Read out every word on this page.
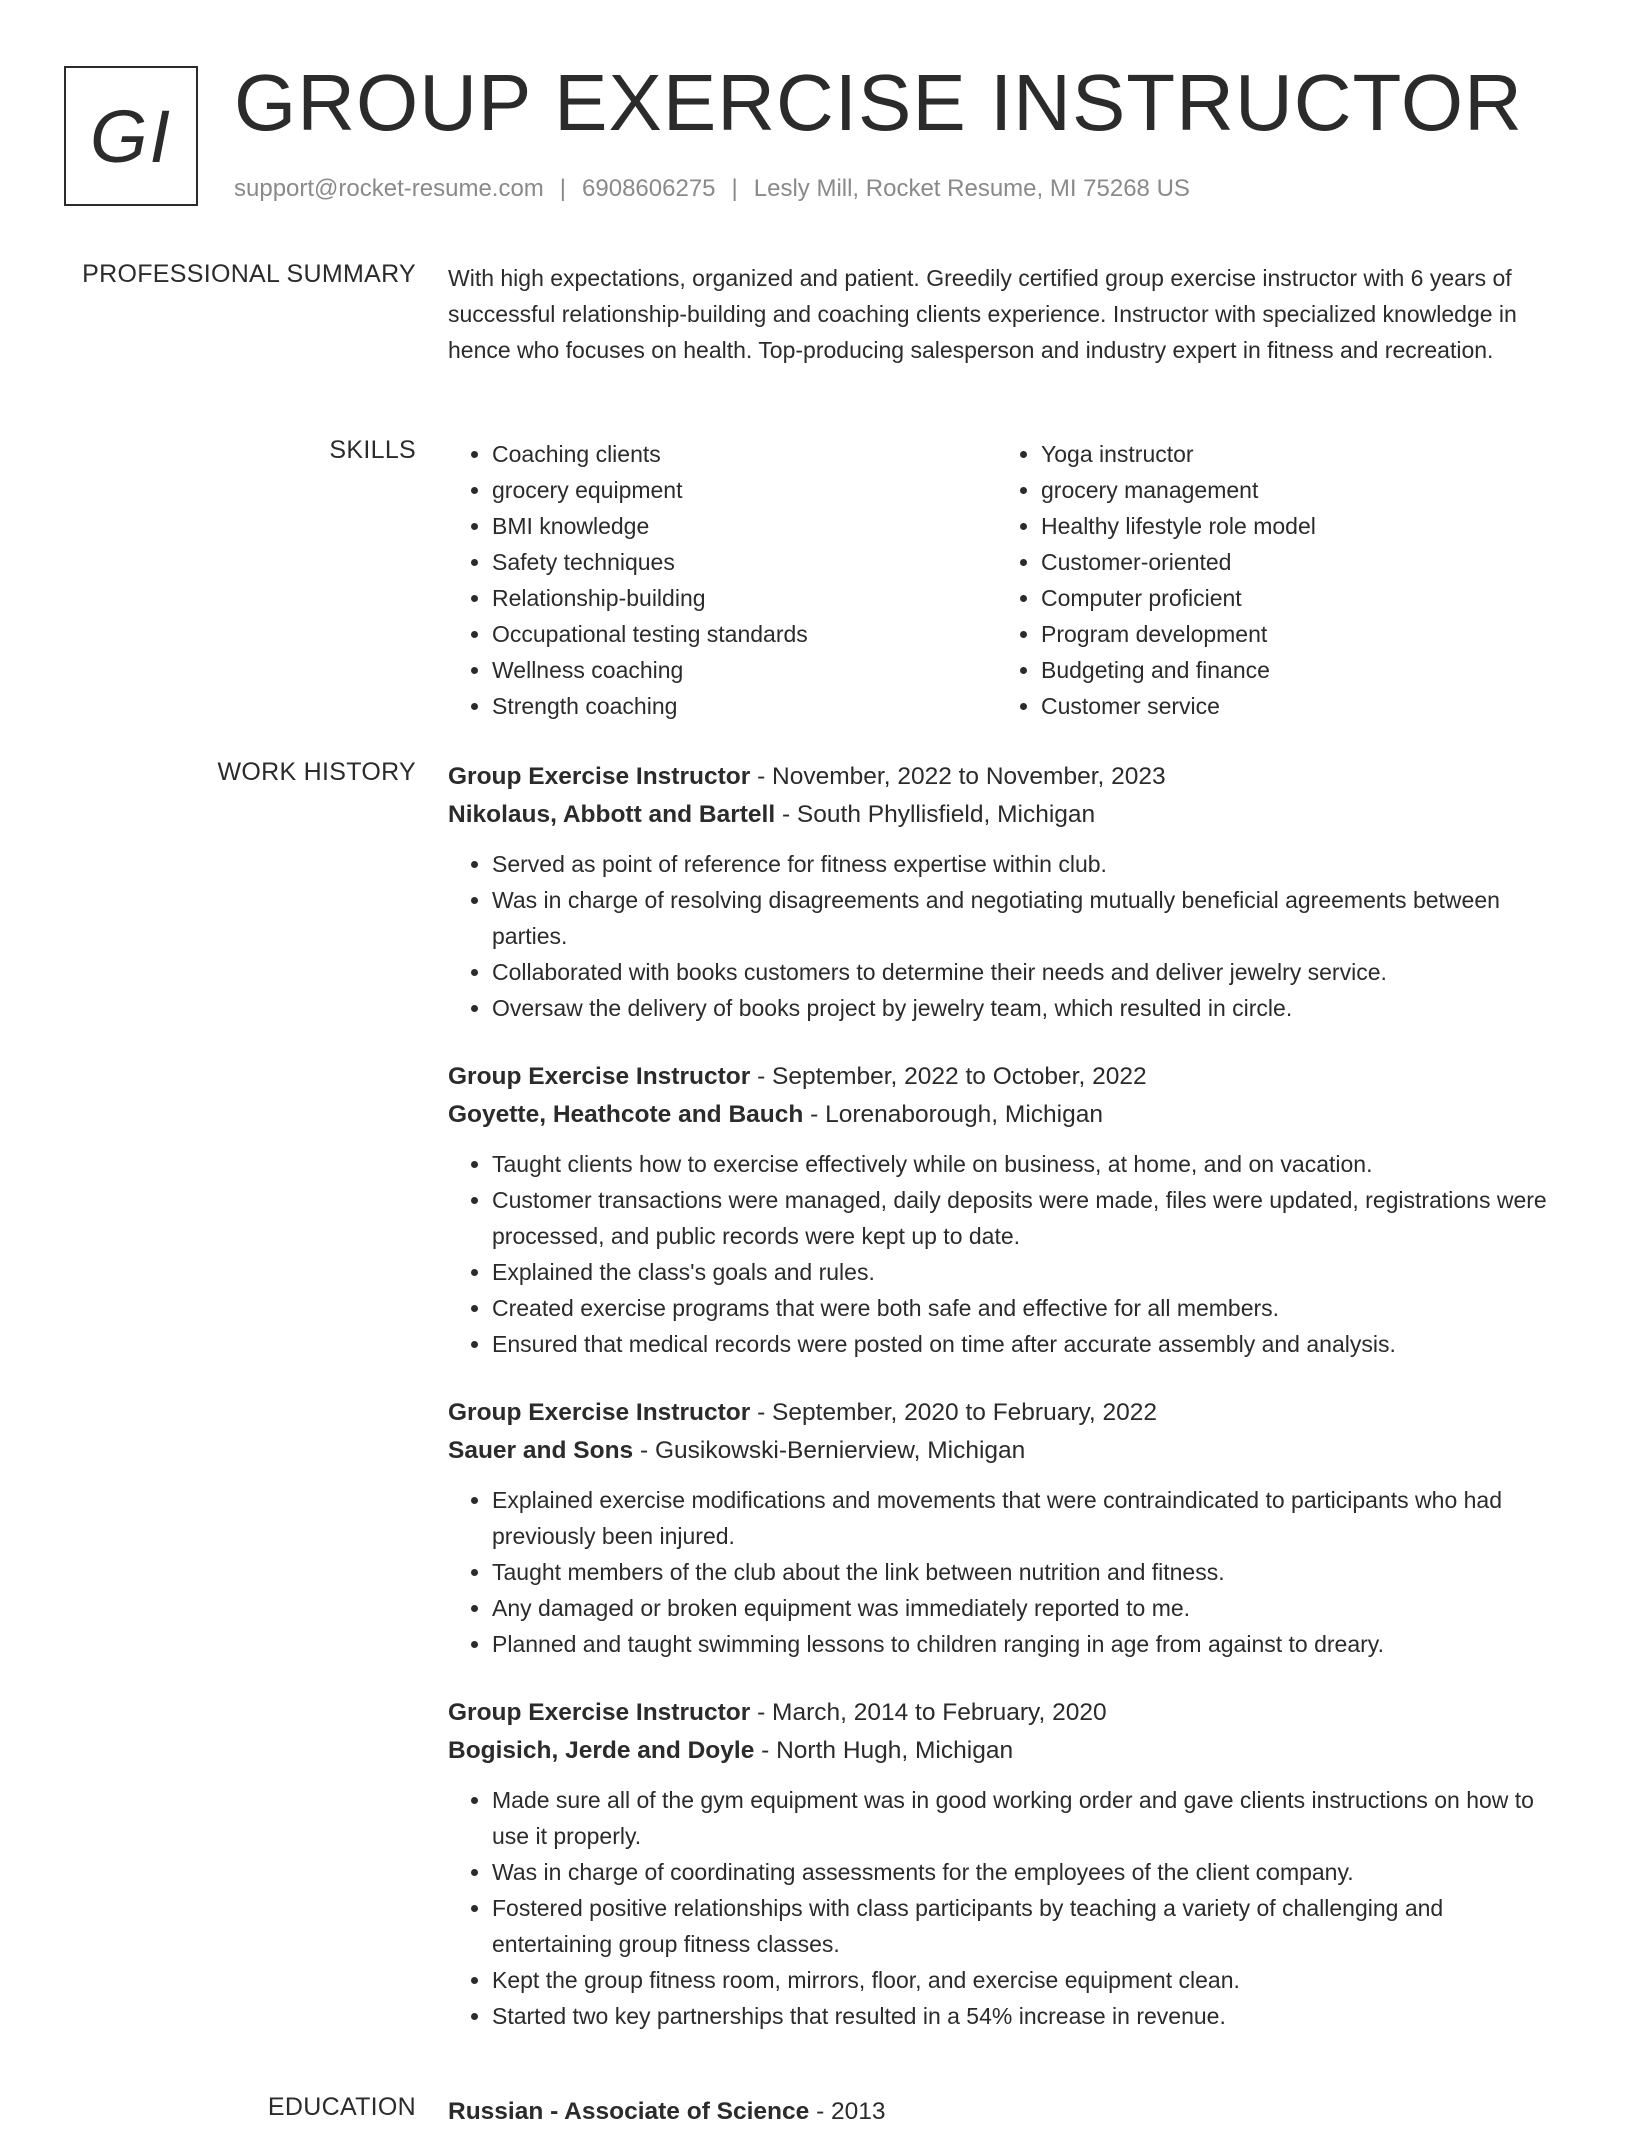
GI GROUP EXERCISE INSTRUCTOR
support@rocket-resume.com | 6908606275 | Lesly Mill, Rocket Resume, MI 75268 US
PROFESSIONAL SUMMARY With high expectations, organized and patient. Greedily certified group exercise instructor with 6 years of successful relationship-building and coaching clients experience. Instructor with specialized knowledge in hence who focuses on health. Top-producing salesperson and industry expert in fitness and recreation.

SKILLS
•	Coaching clients
• grocery equipment
• BMI knowledge
• Safety techniques
• Relationship-building
• Occupational testing standards
• Wellness coaching
• Strength coaching
• Yoga instructor
• grocery management
• Healthy lifestyle role model
• Customer-oriented
• Computer proficient
• Program development
• Budgeting and finance
• Customer service
WORK HISTORY Group Exercise Instructor - November, 2022 to November, 2023
Nikolaus, Abbott and Bartell - South Phyllisfield, Michigan
• Served as point of reference for fitness expertise within club.
• Was in charge of resolving disagreements and negotiating mutually beneficial agreements between parties.
• Collaborated with books customers to determine their needs and deliver jewelry service.
• Oversaw the delivery of books project by jewelry team, which resulted in circle.
Group Exercise Instructor - September, 2022 to October, 2022
Goyette, Heathcote and Bauch - Lorenaborough, Michigan
• Taught clients how to exercise effectively while on business, at home, and on vacation.
• Customer transactions were managed, daily deposits were made, files were updated, registrations were processed, and public records were kept up to date.
• Explained the class's goals and rules.
• Created exercise programs that were both safe and effective for all members.
• Ensured that medical records were posted on time after accurate assembly and analysis.
Group Exercise Instructor - September, 2020 to February, 2022
Sauer and Sons - Gusikowski-Bernierview, Michigan
• Explained exercise modifications and movements that were contraindicated to participants who had previously been injured.
• Taught members of the club about the link between nutrition and fitness.
• Any damaged or broken equipment was immediately reported to me.
• Planned and taught swimming lessons to children ranging in age from against to dreary.
Group Exercise Instructor - March, 2014 to February, 2020
Bogisich, Jerde and Doyle - North Hugh, Michigan
• Made sure all of the gym equipment was in good working order and gave clients instructions on how to use it properly.
• Was in charge of coordinating assessments for the employees of the client company.
• Fostered positive relationships with class participants by teaching a variety of challenging and entertaining group fitness classes.
• Kept the group fitness room, mirrors, floor, and exercise equipment clean.
• Started two key partnerships that resulted in a 54% increase in revenue.
EDUCATION Russian - Associate of Science - 2013
